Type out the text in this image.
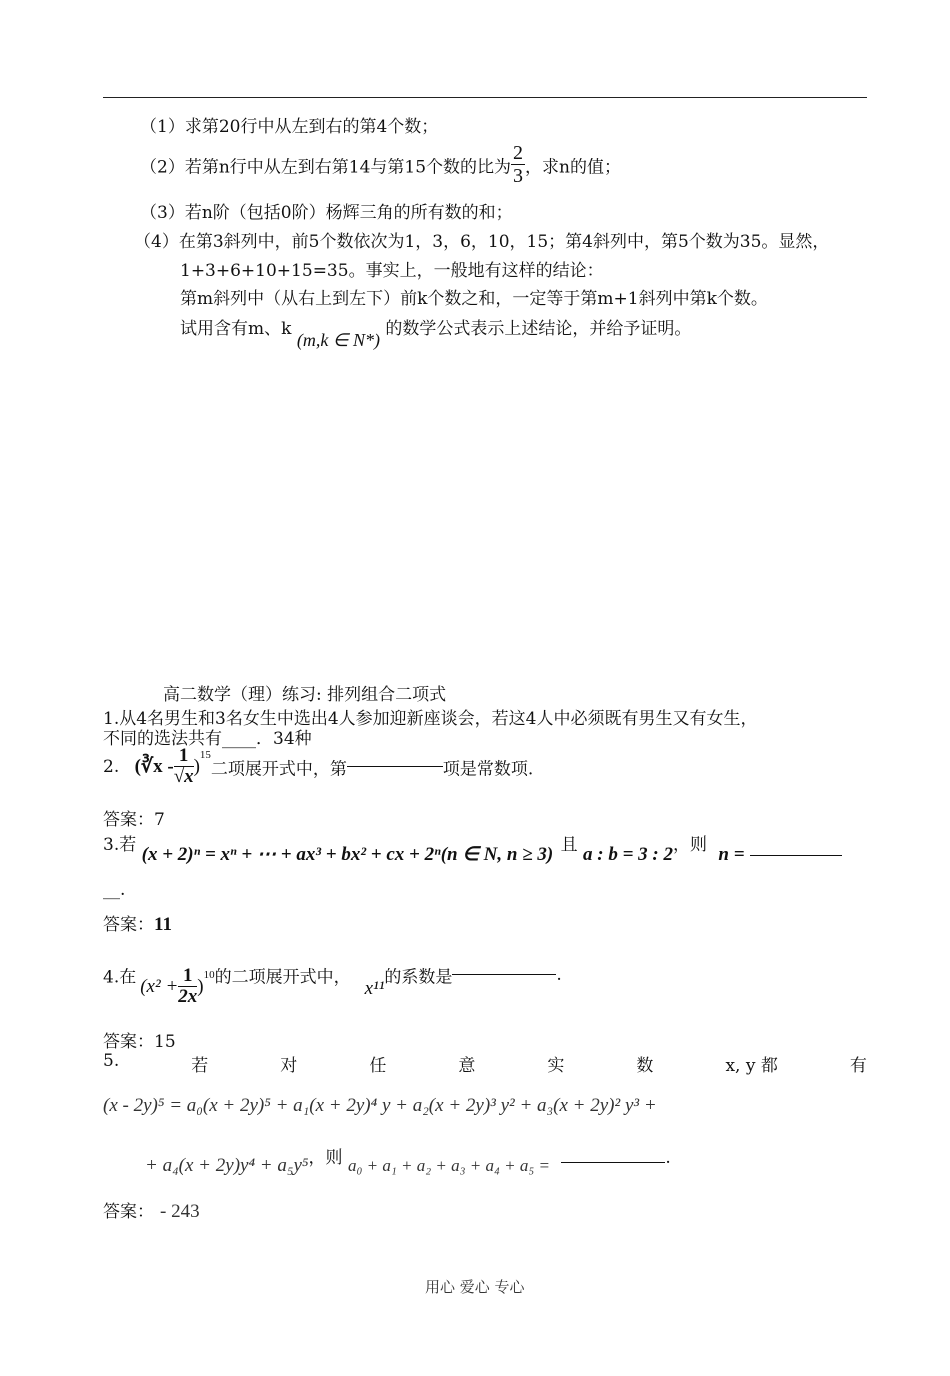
（1）求第20行中从左到右的第4个数；
（2）若第n行中从左到右第14与第15个数的比为 $\frac{2}{3}$ ，求n的值；
（3）若n阶（包括0阶）杨辉三角的所有数的和；
（4）在第3斜列中，前5个数依次为1，3，6，10，15；第4斜列中，第5个数为35。显然，
1+3+6+10+15=35。事实上，一般地有这样的结论：
第m斜列中（从右上到左下）前k个数之和，一定等于第m+1斜列中第k个数。
试用含有m、k (m,k ∈ N*) 的数学公式表示上述结论，并给予证明。
高二数学（理）练习: 排列组合二项式
1.从4名男生和3名女生中选出4人参加迎新座谈会，若这4人中必须既有男生又有女生，
不同的选法共有____．34种
2. (∛x - $\frac{1}{√x} )^{15}$二项展开式中，第	项是常数项.
答案：7
3.若 (x + 2)ⁿ = xⁿ + ⋯ + ax³ + bx² + cx + 2ⁿ(n ∈ N, n ≥ 3) 且 a : b = 3 : 2，则 n =
__.
答案：11
4.在 $(x^2 + \frac{1}{2x} )10$的二项展开式中，x¹¹的系数是	.
答案：15
5.	若	对	任	意	实	数	x, y 都	有
(x - 2y)⁵ = a₀(x + 2y)⁵ + a₁(x + 2y)⁴ y + a₂(x + 2y)³ y² + a₃(x + 2y)² y³ +
+ a₄(x + 2y)y⁴ + a₅y⁵，则 a₀ + a₁ + a₂ + a₃ + a₄ + a₅ =	.
答案： - 243
用心 爱心 专心
